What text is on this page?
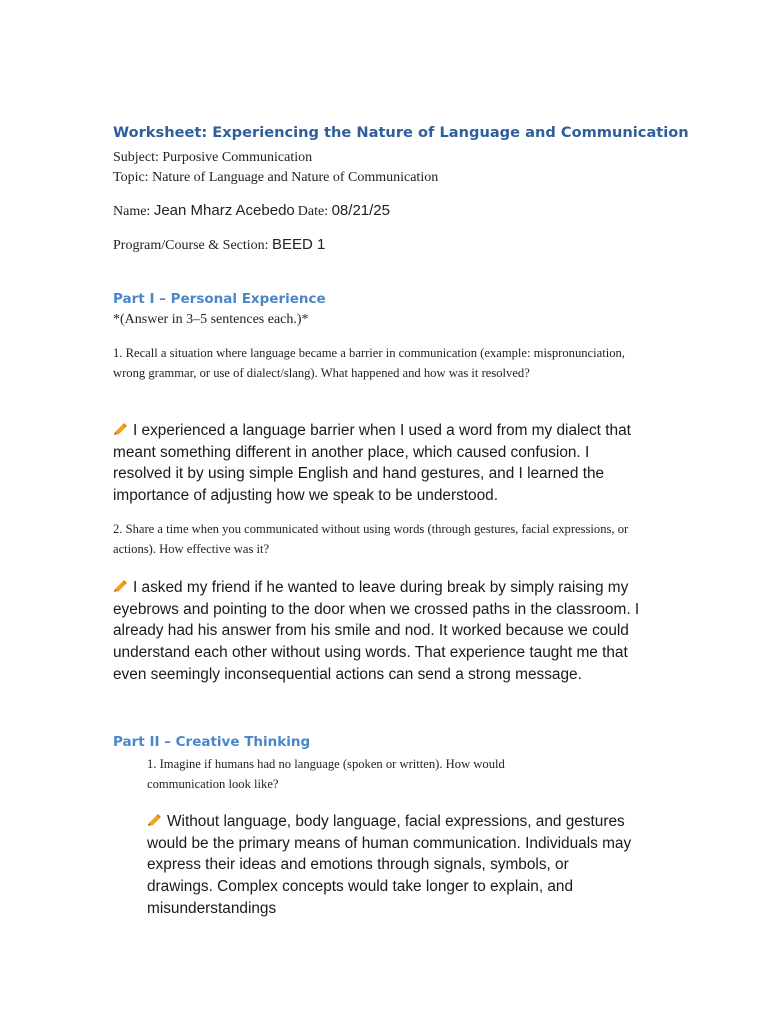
Worksheet: Experiencing the Nature of Language and Communication
Subject: Purposive Communication
Topic: Nature of Language and Nature of Communication
Name: Jean Mharz Acebedo Date: 08/21/25
Program/Course & Section: BEED 1
Part I – Personal Experience
*(Answer in 3–5 sentences each.)*
1. Recall a situation where language became a barrier in communication (example: mispronunciation, wrong grammar, or use of dialect/slang). What happened and how was it resolved?

I experienced a language barrier when I used a word from my dialect that meant something different in another place, which caused confusion. I resolved it by using simple English and hand gestures, and I learned the importance of adjusting how we speak to be understood.

2. Share a time when you communicated without using words (through gestures, facial expressions, or actions). How effective was it?

I asked my friend if he wanted to leave during break by simply raising my eyebrows and pointing to the door when we crossed paths in the classroom. I already had his answer from his smile and nod. It worked because we could understand each other without using words. That experience taught me that even seemingly inconsequential actions can send a strong message.

Part II – Creative Thinking
1. Imagine if humans had no language (spoken or written). How would communication look like?

Without language, body language, facial expressions, and gestures would be the primary means of human communication. Individuals may express their ideas and emotions through signals, symbols, or drawings. Complex concepts would take longer to explain, and misunderstandings
